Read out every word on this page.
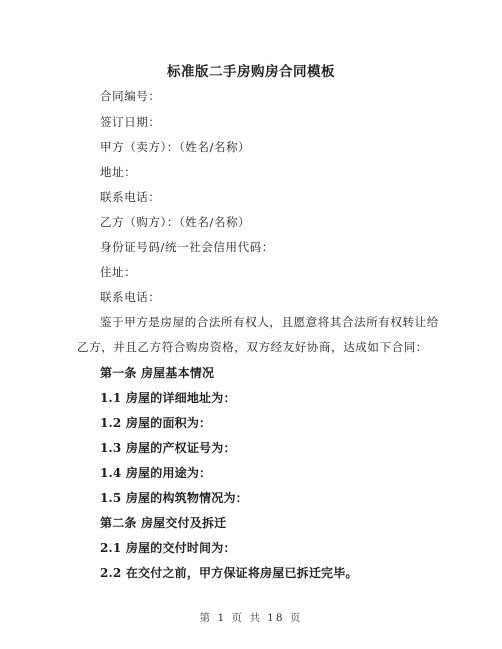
标准版二手房购房合同模板
合同编号：
签订日期：
甲方（卖方）：（姓名/名称）
地址：
联系电话：
乙方（购方）：（姓名/名称）
身份证号码/统一社会信用代码：
住址：
联系电话：
鉴于甲方是房屋的合法所有权人，且愿意将其合法所有权转让给
乙方，并且乙方符合购房资格，双方经友好协商，达成如下合同：
第一条 房屋基本情况
1.1 房屋的详细地址为：
1.2 房屋的面积为：
1.3 房屋的产权证号为：
1.4 房屋的用途为：
1.5 房屋的构筑物情况为：
第二条 房屋交付及拆迁
2.1 房屋的交付时间为：
2.2 在交付之前，甲方保证将房屋已拆迁完毕。
第 1 页 共 18 页
